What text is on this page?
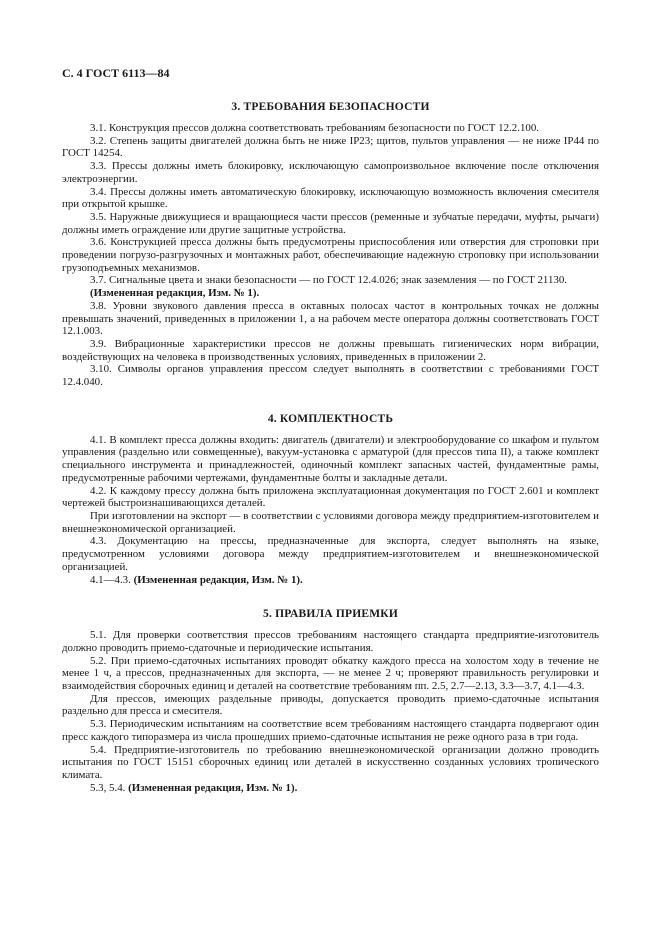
С. 4 ГОСТ 6113—84
3. ТРЕБОВАНИЯ БЕЗОПАСНОСТИ

3.1. Конструкция прессов должна соответствовать требованиям безопасности по ГОСТ 12.2.100.

3.2. Степень защиты двигателей должна быть не ниже IP23; щитов, пультов управления — не ниже IP44 по ГОСТ 14254.

3.3. Прессы должны иметь блокировку, исключающую самопроизвольное включение после отключения электроэнергии.

3.4. Прессы должны иметь автоматическую блокировку, исключающую возможность включения смесителя при открытой крышке.

3.5. Наружные движущиеся и вращающиеся части прессов (ременные и зубчатые передачи, муфты, рычаги) должны иметь ограждение или другие защитные устройства.

3.6. Конструкцией пресса должны быть предусмотрены приспособления или отверстия для строповки при проведении погрузо-разгрузочных и монтажных работ, обеспечивающие надежную строповку при использовании грузоподъемных механизмов.

3.7. Сигнальные цвета и знаки безопасности — по ГОСТ 12.4.026; знак заземления — по ГОСТ 21130.

(Измененная редакция, Изм. № 1).

3.8. Уровни звукового давления пресса в октавных полосах частот в контрольных точках не должны превышать значений, приведенных в приложении 1, а на рабочем месте оператора должны соответствовать ГОСТ 12.1.003.

3.9. Вибрационные характеристики прессов не должны превышать гигиенических норм вибрации, воздействующих на человека в производственных условиях, приведенных в приложении 2.

3.10. Символы органов управления прессом следует выполнять в соответствии с требованиями ГОСТ 12.4.040.

4. КОМПЛЕКТНОСТЬ

4.1. В комплект пресса должны входить: двигатель (двигатели) и электрооборудование со шкафом и пультом управления (раздельно или совмещенные), вакуум-установка с арматурой (для прессов типа II), а также комплект специального инструмента и принадлежностей, одиночный комплект запасных частей, фундаментные рамы, предусмотренные рабочими чертежами, фундаментные болты и закладные детали.

4.2. К каждому прессу должна быть приложена эксплуатационная документация по ГОСТ 2.601 и комплект чертежей быстроизнашивающихся деталей.

При изготовлении на экспорт — в соответствии с условиями договора между предприятием-изготовителем и внешнеэкономической организацией.

4.3. Документацию на прессы, предназначенные для экспорта, следует выполнять на языке, предусмотренном условиями договора между предприятием-изготовителем и внешнеэкономической организацией.

4.1—4.3. (Измененная редакция, Изм. № 1).

5. ПРАВИЛА ПРИЕМКИ

5.1. Для проверки соответствия прессов требованиям настоящего стандарта предприятие-изготовитель должно проводить приемо-сдаточные и периодические испытания.

5.2. При приемо-сдаточных испытаниях проводят обкатку каждого пресса на холостом ходу в течение не менее 1 ч, а прессов, предназначенных для экспорта, — не менее 2 ч; проверяют правильность регулировки и взаимодействия сборочных единиц и деталей на соответствие требованиям пп. 2.5, 2.7—2.13, 3.3—3.7, 4.1—4.3.

Для прессов, имеющих раздельные приводы, допускается проводить приемо-сдаточные испытания раздельно для пресса и смесителя.

5.3. Периодическим испытаниям на соответствие всем требованиям настоящего стандарта подвергают один пресс каждого типоразмера из числа прошедших приемо-сдаточные испытания не реже одного раза в три года.

5.4. Предприятие-изготовитель по требованию внешнеэкономической организации должно проводить испытания по ГОСТ 15151 сборочных единиц или деталей в искусственно созданных условиях тропического климата.

5.3, 5.4. (Измененная редакция, Изм. № 1).
